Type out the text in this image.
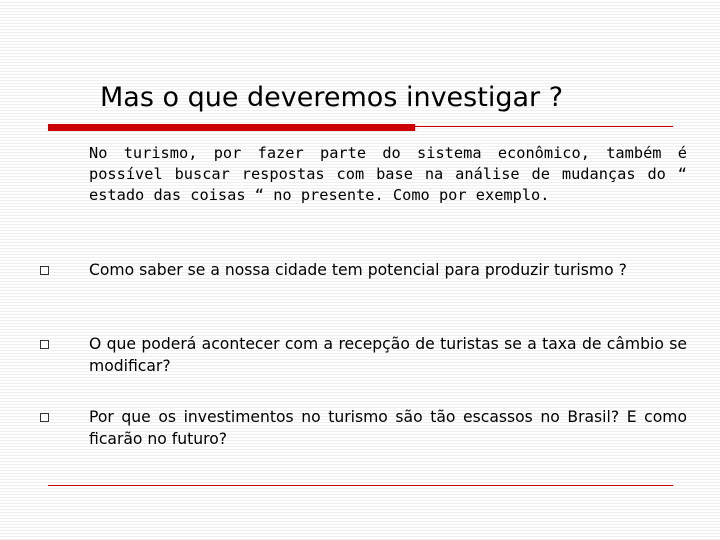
Mas o que deveremos investigar ?

No turismo, por fazer parte do sistema econômico, também é possível buscar respostas com base na análise de mudanças do “ estado das coisas “ no presente. Como por exemplo.

Como saber se a nossa cidade tem potencial para produzir turismo ?

O que poderá acontecer com a recepção de turistas se a taxa de câmbio se modificar?

Por que os investimentos no turismo são tão escassos no Brasil? E como ficarão no futuro?
